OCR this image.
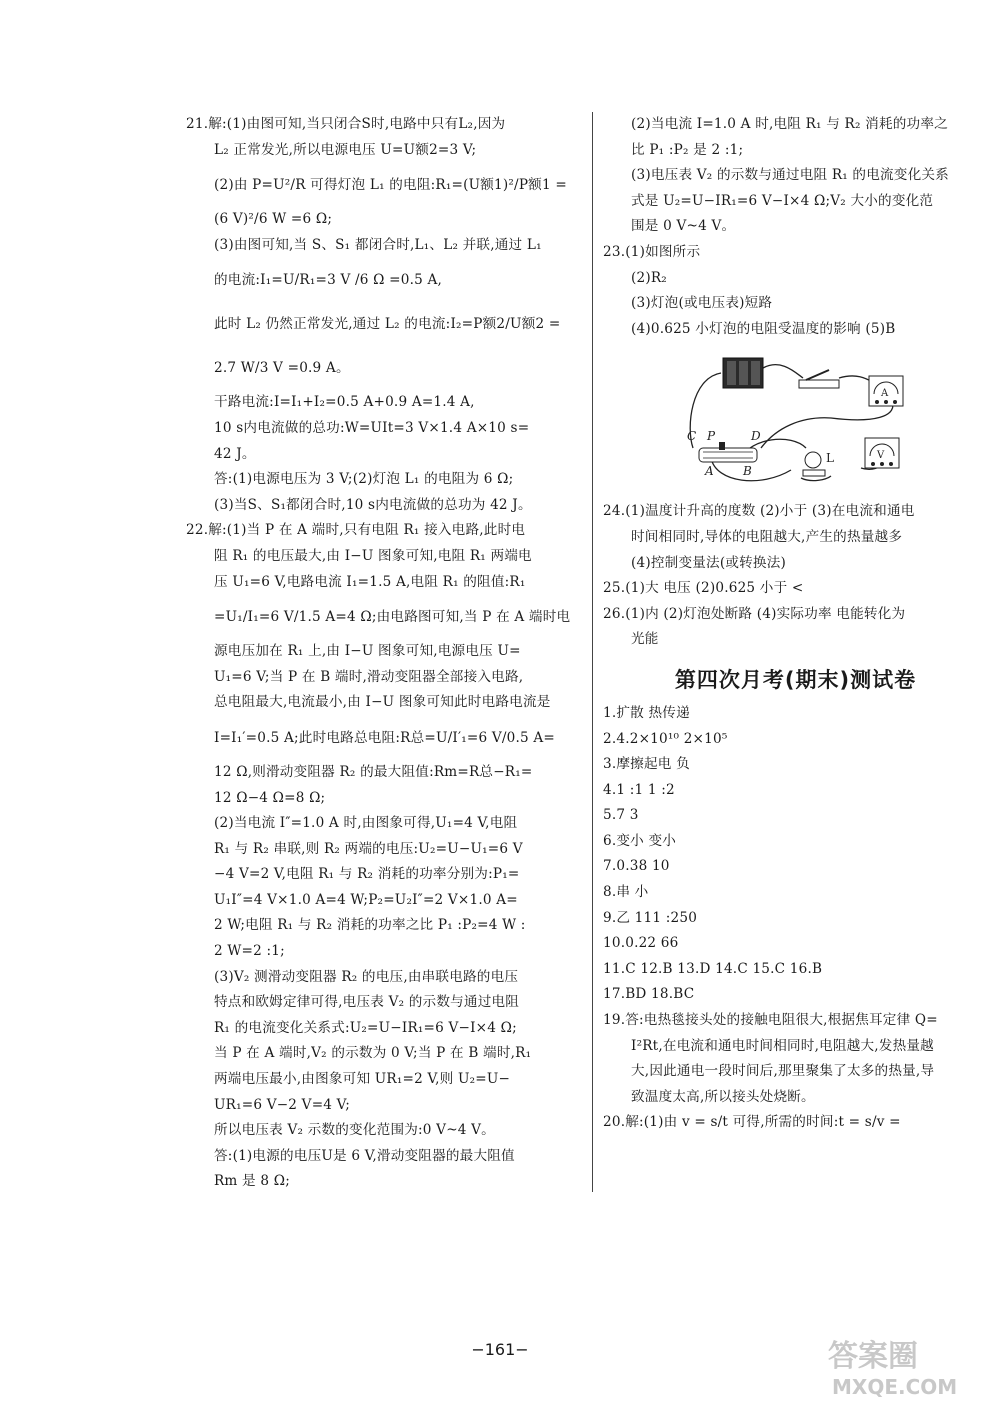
21.解:(1)由图可知,当只闭合S时,电路中只有L₂,因为
L₂ 正常发光,所以电源电压 U=U额2=3 V;
(2)由 P=U²/R 可得灯泡 L₁ 的电阻:R₁=(U额1)²/P额1 =
(6 V)²/6 W =6 Ω;
(3)由图可知,当 S、S₁ 都闭合时,L₁、L₂ 并联,通过 L₁
的电流:I₁=U/R₁=3 V /6 Ω =0.5 A,
此时 L₂ 仍然正常发光,通过 L₂ 的电流:I₂=P额2/U额2 =
2.7 W/3 V =0.9 A。
干路电流:I=I₁+I₂=0.5 A+0.9 A=1.4 A,
10 s内电流做的总功:W=UIt=3 V×1.4 A×10 s=
42 J。
答:(1)电源电压为 3 V;(2)灯泡 L₁ 的电阻为 6 Ω;
(3)当S、S₁都闭合时,10 s内电流做的总功为 42 J。
22.解:(1)当 P 在 A 端时,只有电阻 R₁ 接入电路,此时电
阻 R₁ 的电压最大,由 I−U 图象可知,电阻 R₁ 两端电
压 U₁=6 V,电路电流 I₁=1.5 A,电阻 R₁ 的阻值:R₁
=U₁/I₁=6 V/1.5 A=4 Ω;由电路图可知,当 P 在 A 端时电
源电压加在 R₁ 上,由 I−U 图象可知,电源电压 U=
U₁=6 V;当 P 在 B 端时,滑动变阻器全部接入电路,
总电阻最大,电流最小,由 I−U 图象可知此时电路电流是
I=I₁′=0.5 A;此时电路总电阻:R总=U/I′₁=6 V/0.5 A=
12 Ω,则滑动变阻器 R₂ 的最大阻值:Rm=R总−R₁=
12 Ω−4 Ω=8 Ω;
(2)当电流 I″=1.0 A 时,由图象可得,U₁=4 V,电阻
R₁ 与 R₂ 串联,则 R₂ 两端的电压:U₂=U−U₁=6 V
−4 V=2 V,电阻 R₁ 与 R₂ 消耗的功率分别为:P₁=
U₁I″=4 V×1.0 A=4 W;P₂=U₂I″=2 V×1.0 A=
2 W;电阻 R₁ 与 R₂ 消耗的功率之比 P₁ :P₂=4 W :
2 W=2 :1;
(3)V₂ 测滑动变阻器 R₂ 的电压,由串联电路的电压
特点和欧姆定律可得,电压表 V₂ 的示数与通过电阻
R₁ 的电流变化关系式:U₂=U−IR₁=6 V−I×4 Ω;
当 P 在 A 端时,V₂ 的示数为 0 V;当 P 在 B 端时,R₁
两端电压最小,由图象可知 UR₁=2 V,则 U₂=U−
UR₁=6 V−2 V=4 V;
所以电压表 V₂ 示数的变化范围为:0 V~4 V。
答:(1)电源的电压U是 6 V,滑动变阻器的最大阻值
Rm 是 8 Ω;
(2)当电流 I=1.0 A 时,电阻 R₁ 与 R₂ 消耗的功率之
比 P₁ :P₂ 是 2 :1;
(3)电压表 V₂ 的示数与通过电阻 R₁ 的电流变化关系
式是 U₂=U−IR₁=6 V−I×4 Ω;V₂ 大小的变化范
围是 0 V~4 V。
23.(1)如图所示
(2)R₂
(3)灯泡(或电压表)短路
(4)0.625 小灯泡的电阻受温度的影响 (5)B
A
V
L
C P	D
A B
24.(1)温度计升高的度数 (2)小于 (3)在电流和通电
时间相同时,导体的电阻越大,产生的热量越多
(4)控制变量法(或转换法)
25.(1)大 电压 (2)0.625 小于 <
26.(1)内 (2)灯泡处断路 (4)实际功率 电能转化为
光能
第四次月考(期末)测试卷
1.扩散 热传递
2.4.2×10¹⁰ 2×10⁵
3.摩擦起电 负
4.1 :1 1 :2
5.7 3
6.变小 变小
7.0.38 10
8.串 小
9.乙 111 :250
10.0.22 66
11.C 12.B 13.D 14.C 15.C 16.B
17.BD 18.BC
19.答:电热毯接头处的接触电阻很大,根据焦耳定律 Q=
I²Rt,在电流和通电时间相同时,电阻越大,发热量越
大,因此通电一段时间后,那里聚集了太多的热量,导
致温度太高,所以接头处烧断。
20.解:(1)由 v = s/t 可得,所需的时间:t = s/v =
−161−	答案圈
MXQE.COM
